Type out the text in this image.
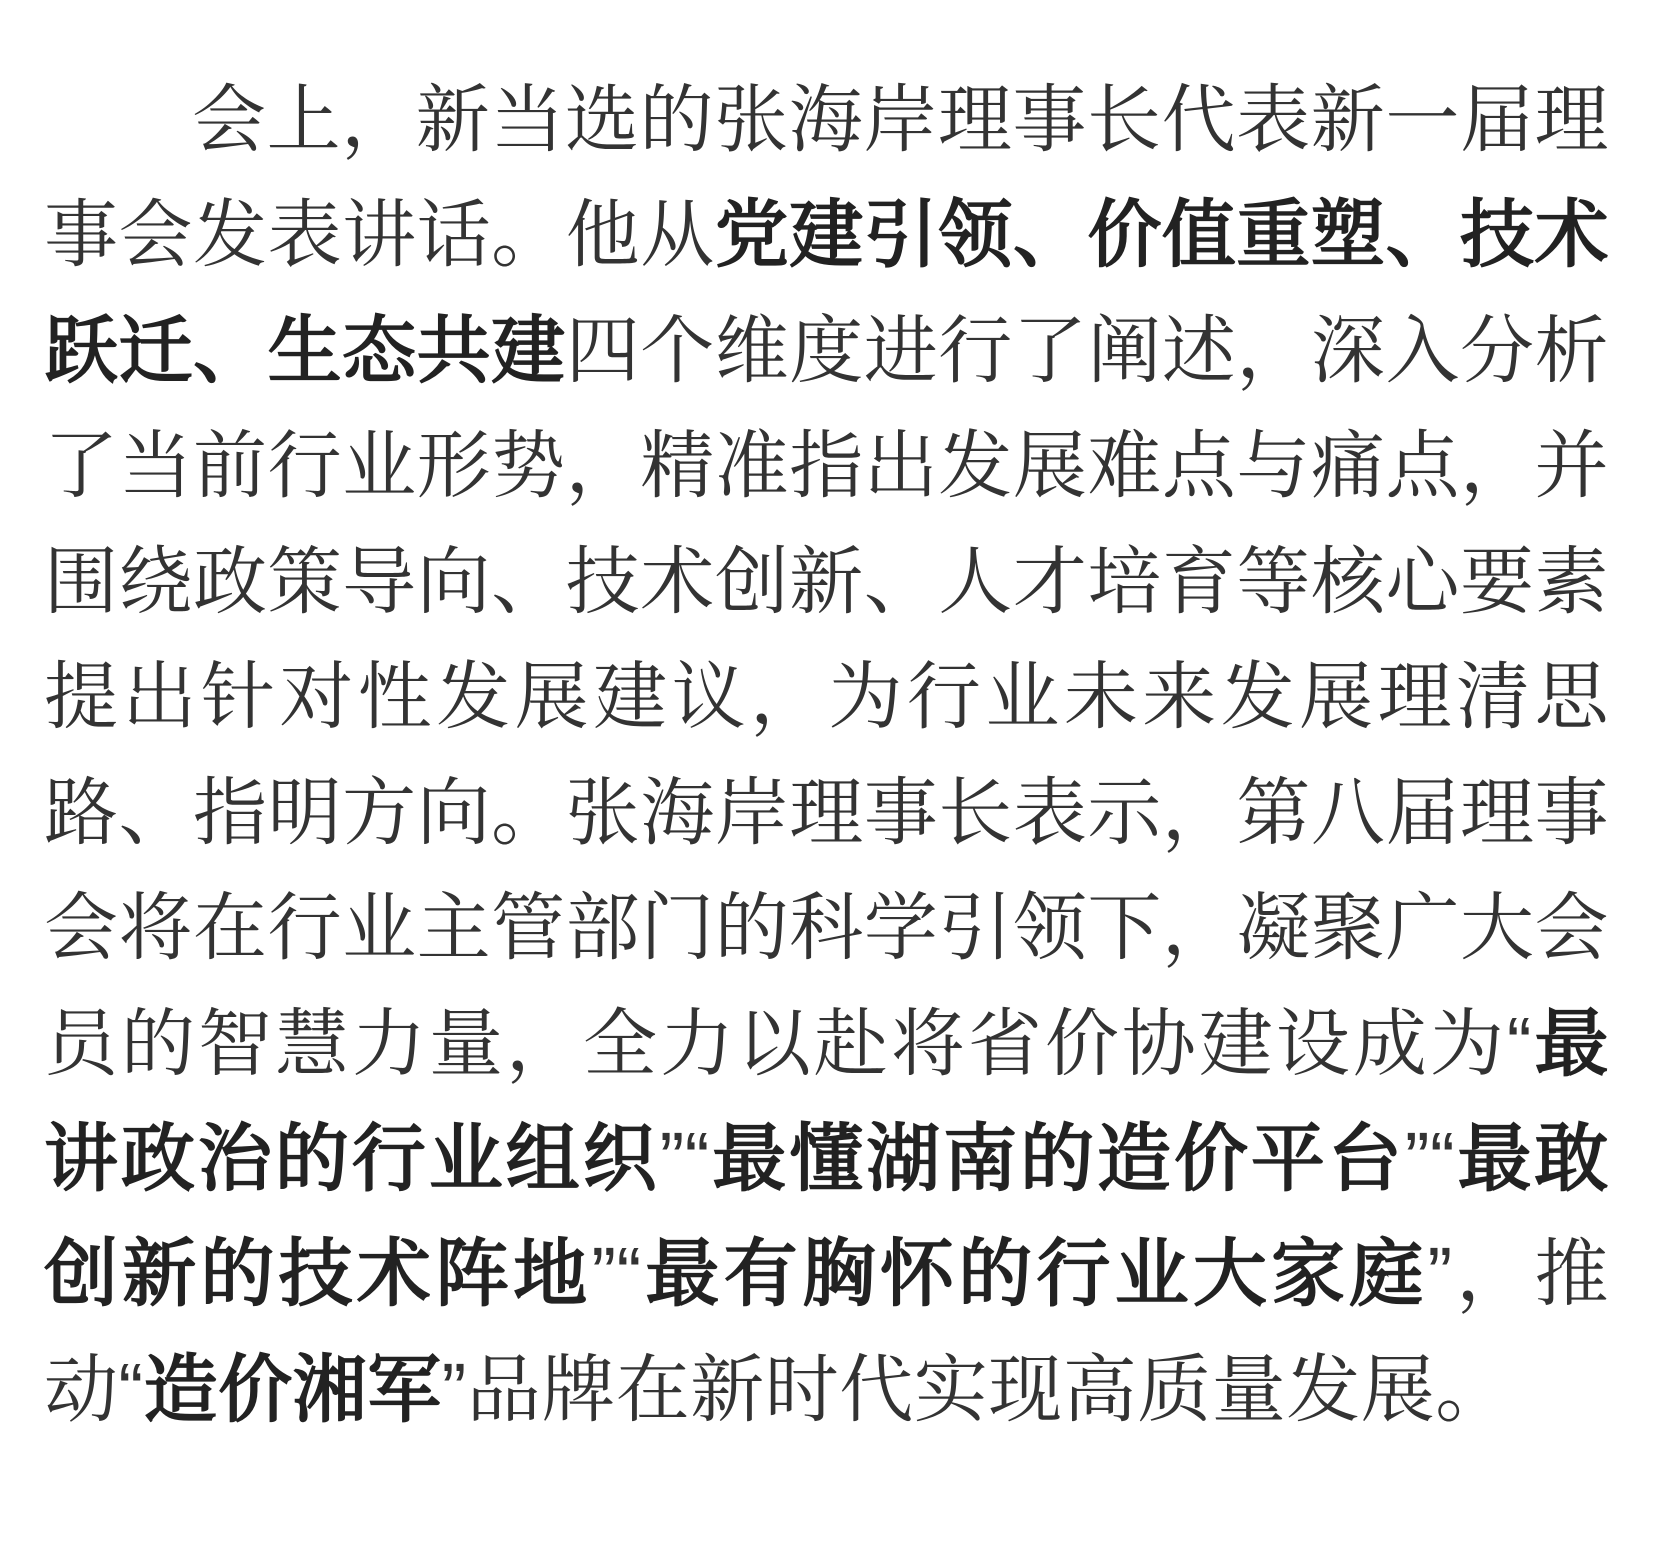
会上，新当选的张海岸理事长代表新一届理事会发表讲话。他从党建引领、价值重塑、技术跃迁、生态共建四个维度进行了阐述，深入分析了当前行业形势，精准指出发展难点与痛点，并围绕政策导向、技术创新、人才培育等核心要素提出针对性发展建议，为行业未来发展理清思路、指明方向。张海岸理事长表示，第八届理事会将在行业主管部门的科学引领下，凝聚广大会员的智慧力量，全力以赴将省价协建设成为“最讲政治的行业组织”“最懂湖南的造价平台”“最敢创新的技术阵地”“最有胸怀的行业大家庭”，推动“造价湘军”品牌在新时代实现高质量发展。
